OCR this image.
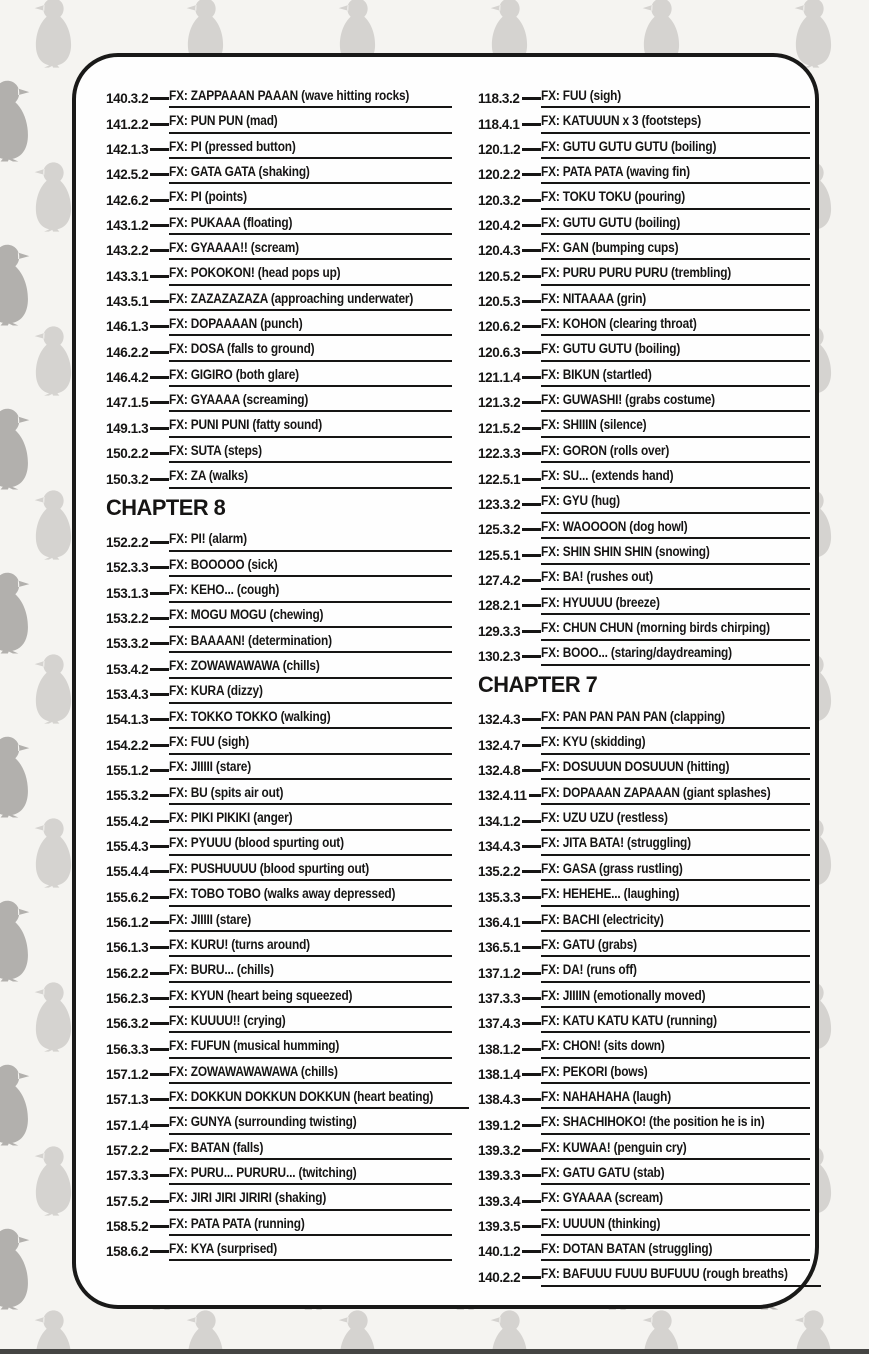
140.3.2 FX: ZAPPAAAN PAAAN (wave hitting rocks)
141.2.2 FX: PUN PUN (mad)
142.1.3 FX: PI (pressed button)
142.5.2 FX: GATA GATA (shaking)
142.6.2 FX: PI (points)
143.1.2 FX: PUKAAA (floating)
143.2.2 FX: GYAAAA!! (scream)
143.3.1 FX: POKOKON! (head pops up)
143.5.1 FX: ZAZAZAZAZA (approaching underwater)
146.1.3 FX: DOPAAAAN (punch)
146.2.2 FX: DOSA (falls to ground)
146.4.2 FX: GIGIRO (both glare)
147.1.5 FX: GYAAAA (screaming)
149.1.3 FX: PUNI PUNI (fatty sound)
150.2.2 FX: SUTA (steps)
150.3.2 FX: ZA (walks)
CHAPTER 8
152.2.2 FX: PI! (alarm)
152.3.3 FX: BOOOOO (sick)
153.1.3 FX: KEHO... (cough)
153.2.2 FX: MOGU MOGU (chewing)
153.3.2 FX: BAAAAN! (determination)
153.4.2 FX: ZOWAWAWAWA (chills)
153.4.3 FX: KURA (dizzy)
154.1.3 FX: TOKKO TOKKO (walking)
154.2.2 FX: FUU (sigh)
155.1.2 FX: JIIIII (stare)
155.3.2 FX: BU (spits air out)
155.4.2 FX: PIKI PIKIKI (anger)
155.4.3 FX: PYUUU (blood spurting out)
155.4.4 FX: PUSHUUUU (blood spurting out)
155.6.2 FX: TOBO TOBO (walks away depressed)
156.1.2 FX: JIIIII (stare)
156.1.3 FX: KURU! (turns around)
156.2.2 FX: BURU... (chills)
156.2.3 FX: KYUN (heart being squeezed)
156.3.2 FX: KUUUU!! (crying)
156.3.3 FX: FUFUN (musical humming)
157.1.2 FX: ZOWAWAWAWAWA (chills)
157.1.3 FX: DOKKUN DOKKUN DOKKUN (heart beating)
157.1.4 FX: GUNYA (surrounding twisting)
157.2.2 FX: BATAN (falls)
157.3.3 FX: PURU... PURURU... (twitching)
157.5.2 FX: JIRI JIRI JIRIRI (shaking)
158.5.2 FX: PATA PATA (running)
158.6.2 FX: KYA (surprised)
118.3.2 FX: FUU (sigh)
118.4.1 FX: KATUUUN x 3 (footsteps)
120.1.2 FX: GUTU GUTU GUTU (boiling)
120.2.2 FX: PATA PATA (waving fin)
120.3.2 FX: TOKU TOKU (pouring)
120.4.2 FX: GUTU GUTU (boiling)
120.4.3 FX: GAN (bumping cups)
120.5.2 FX: PURU PURU PURU (trembling)
120.5.3 FX: NITAAAA (grin)
120.6.2 FX: KOHON (clearing throat)
120.6.3 FX: GUTU GUTU (boiling)
121.1.4 FX: BIKUN (startled)
121.3.2 FX: GUWASHI! (grabs costume)
121.5.2 FX: SHIIIN (silence)
122.3.3 FX: GORON (rolls over)
122.5.1 FX: SU... (extends hand)
123.3.2 FX: GYU (hug)
125.3.2 FX: WAOOOON (dog howl)
125.5.1 FX: SHIN SHIN SHIN (snowing)
127.4.2 FX: BA! (rushes out)
128.2.1 FX: HYUUUU (breeze)
129.3.3 FX: CHUN CHUN (morning birds chirping)
130.2.3 FX: BOOO... (staring/daydreaming)
CHAPTER 7
132.4.3 FX: PAN PAN PAN PAN (clapping)
132.4.7 FX: KYU (skidding)
132.4.8 FX: DOSUUUN DOSUUUN (hitting)
132.4.11 FX: DOPAAAN ZAPAAAN (giant splashes)
134.1.2 FX: UZU UZU (restless)
134.4.3 FX: JITA BATA! (struggling)
135.2.2 FX: GASA (grass rustling)
135.3.3 FX: HEHEHE... (laughing)
136.4.1 FX: BACHI (electricity)
136.5.1 FX: GATU (grabs)
137.1.2 FX: DA! (runs off)
137.3.3 FX: JIIIIN (emotionally moved)
137.4.3 FX: KATU KATU KATU (running)
138.1.2 FX: CHON! (sits down)
138.1.4 FX: PEKORI (bows)
138.4.3 FX: NAHAHAHA (laugh)
139.1.2 FX: SHACHIHOKO! (the position he is in)
139.3.2 FX: KUWAA! (penguin cry)
139.3.3 FX: GATU GATU (stab)
139.3.4 FX: GYAAAA (scream)
139.3.5 FX: UUUUN (thinking)
140.1.2 FX: DOTAN BATAN (struggling)
140.2.2 FX: BAFUUU FUUU BUFUUU (rough breaths)
